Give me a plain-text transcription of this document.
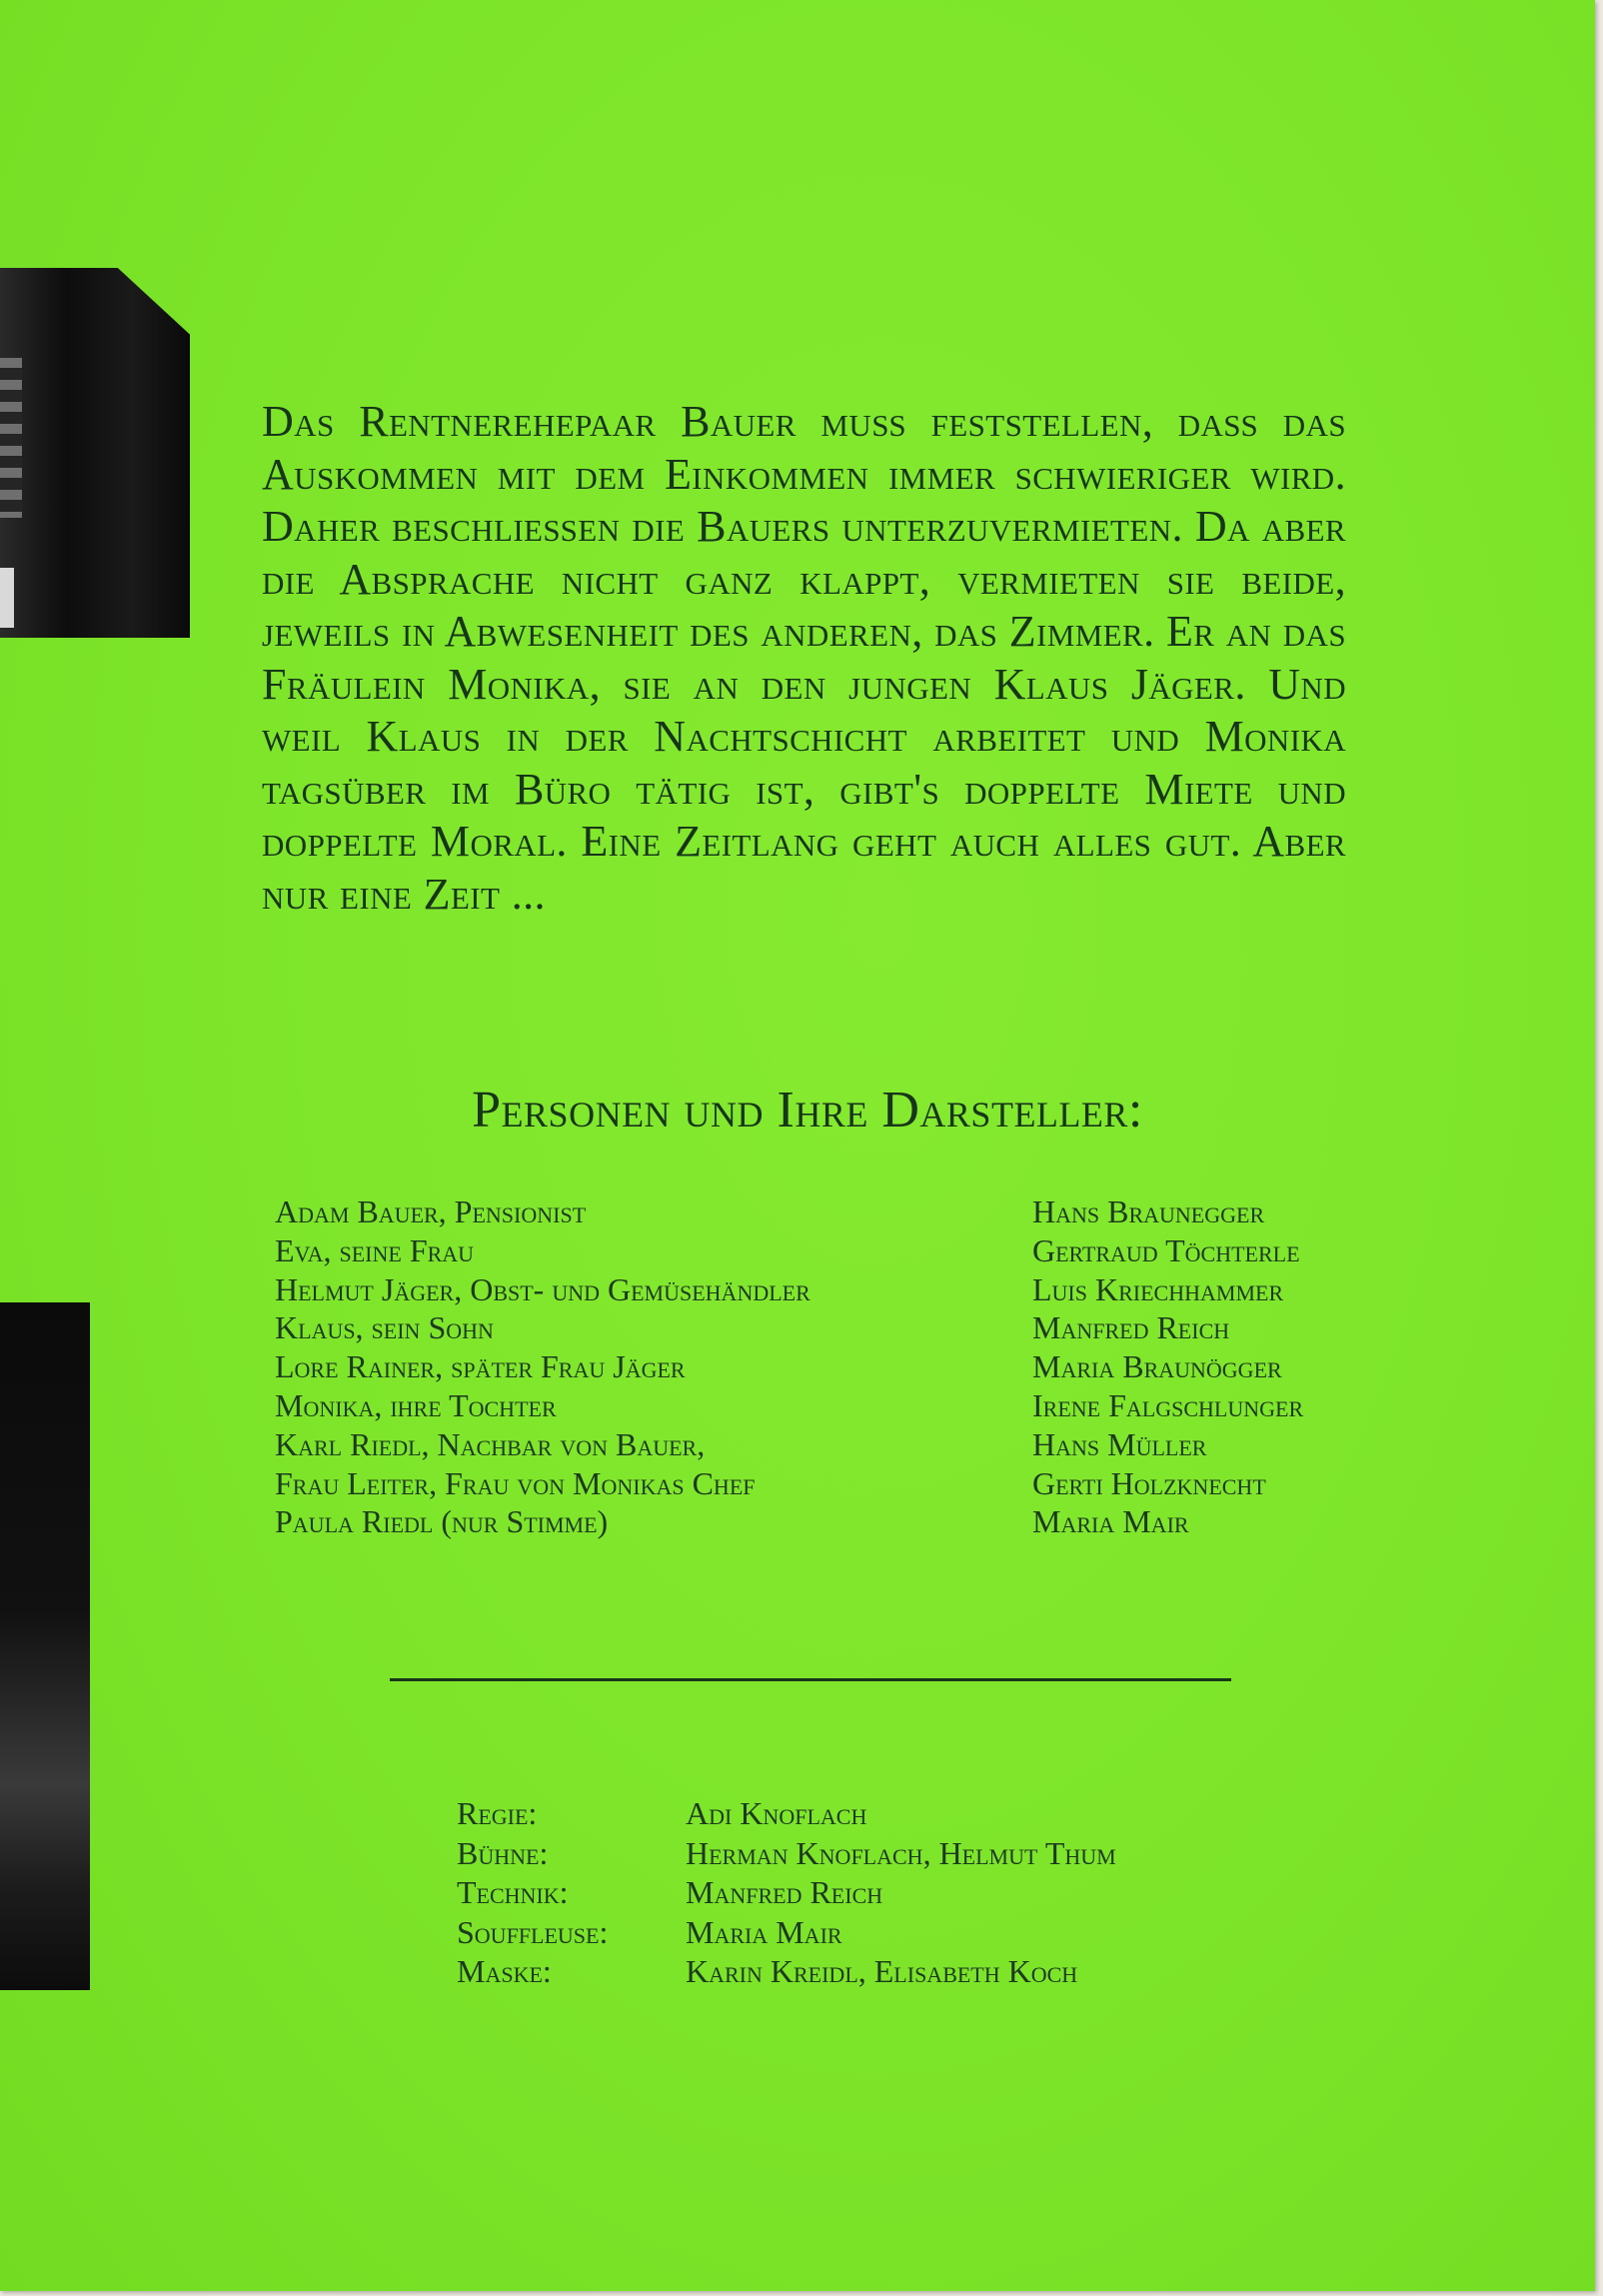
Das Rentnerehepaar Bauer muß feststellen, daß das Auskommen mit dem Einkommen immer schwieriger wird. Daher beschließen die Bauers unterzuvermieten. Da aber die Absprache nicht ganz klappt, vermieten sie beide, jeweils in Abwesenheit des anderen, das Zimmer. Er an das Fräulein Monika, sie an den jungen Klaus Jäger. Und weil Klaus in der Nachtschicht arbeitet und Monika tagsüber im Büro tätig ist, gibt's doppelte Miete und doppelte Moral. Eine Zeitlang geht auch alles gut. Aber nur eine Zeit ...
Personen und Ihre Darsteller:
Adam Bauer, Pensionist
Eva, seine Frau
Helmut Jäger, Obst- und Gemüsehändler
Klaus, sein Sohn
Lore Rainer, später Frau Jäger
Monika, ihre Tochter
Karl Riedl, Nachbar von Bauer,
Frau Leiter, Frau von Monikas Chef
Paula Riedl (nur Stimme)
Hans Braunegger
Gertraud Töchterle
Luis Kriechhammer
Manfred Reich
Maria Braunögger
Irene Falgschlunger
Hans Müller
Gerti Holzknecht
Maria Mair
Regie:
Bühne:
Technik:
Souffleuse:
Maske:
Adi Knoflach
Herman Knoflach, Helmut Thum
Manfred Reich
Maria Mair
Karin Kreidl, Elisabeth Koch
